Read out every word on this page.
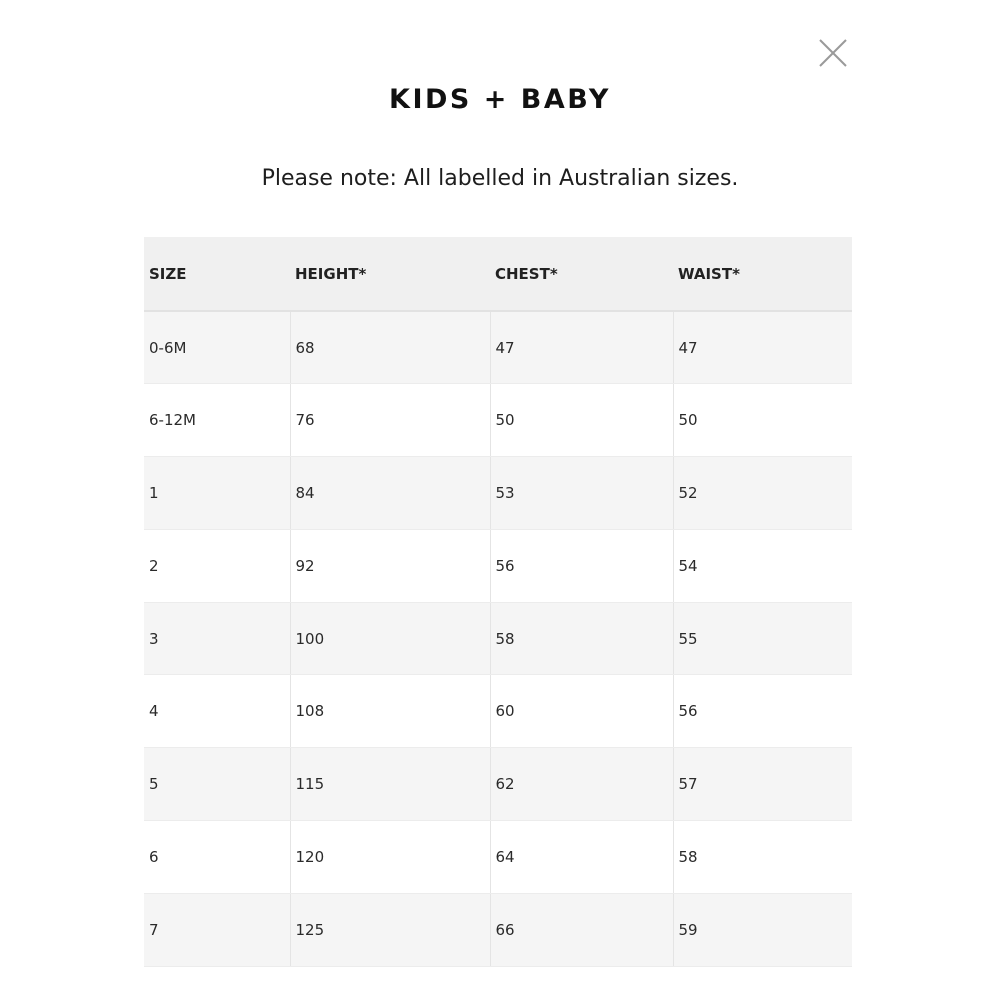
KIDS + BABY
Please note: All labelled in Australian sizes.
SIZE	HEIGHT*	CHEST*	WAIST*
0-6M	68	47	47
6-12M	76	50	50
1	84	53	52
2	92	56	54
3	100	58	55
4	108	60	56
5	115	62	57
6	120	64	58
7	125	66	59
